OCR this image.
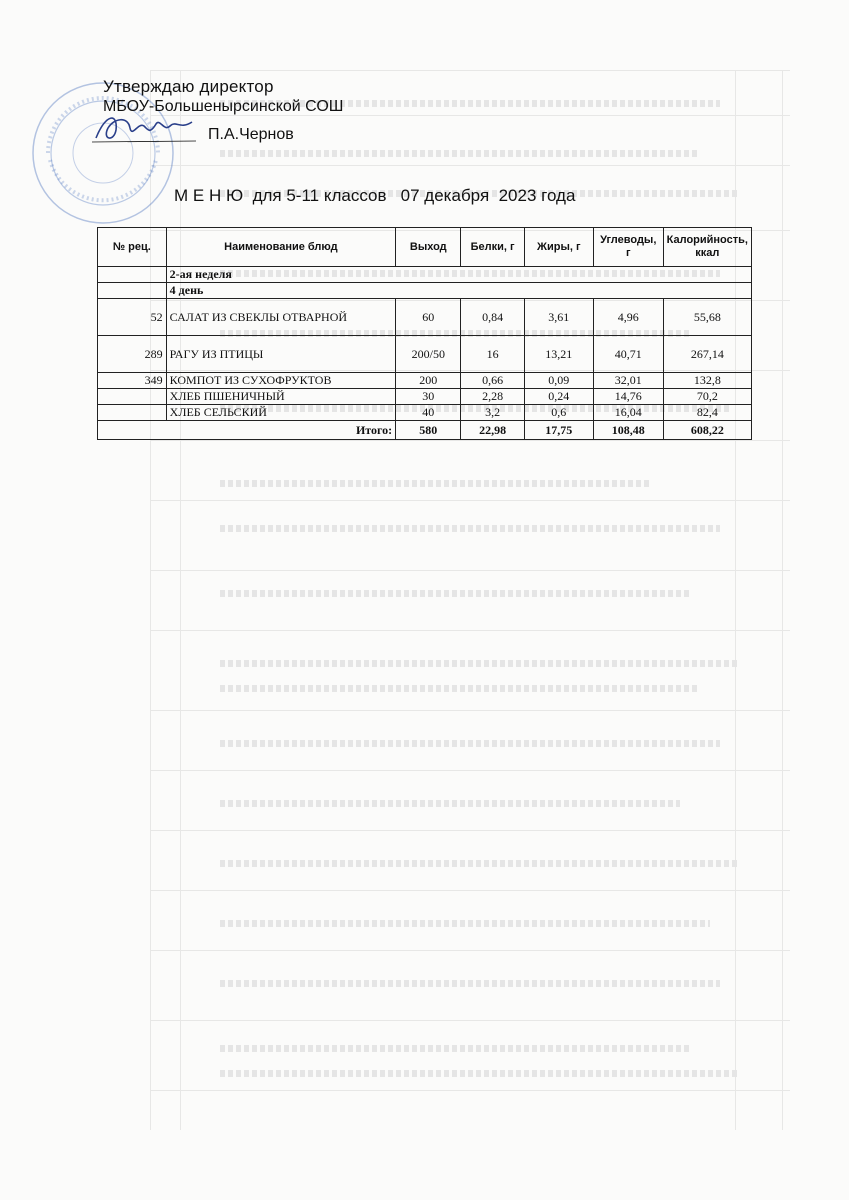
Утверждаю директор
МБОУ-Большенырсинской СОШ
П.А.Чернов
М Е Н Ю  для 5-11 классов   07 декабря  2023 года
№ рец.	Наименование блюд	Выход	Белки, г	Жиры, г	Углеводы, г	Калорийность, ккал
	2-ая неделя					
	4 день					
52	САЛАТ ИЗ СВЕКЛЫ ОТВАРНОЙ	60	0,84	3,61	4,96	55,68
289	РАГУ ИЗ ПТИЦЫ	200/50	16	13,21	40,71	267,14
349	КОМПОТ ИЗ СУХОФРУКТОВ	200	0,66	0,09	32,01	132,8
	ХЛЕБ ПШЕНИЧНЫЙ	30	2,28	0,24	14,76	70,2
	ХЛЕБ СЕЛЬСКИЙ	40	3,2	0,6	16,04	82,4
Итого:		580	22,98	17,75	108,48	608,22
